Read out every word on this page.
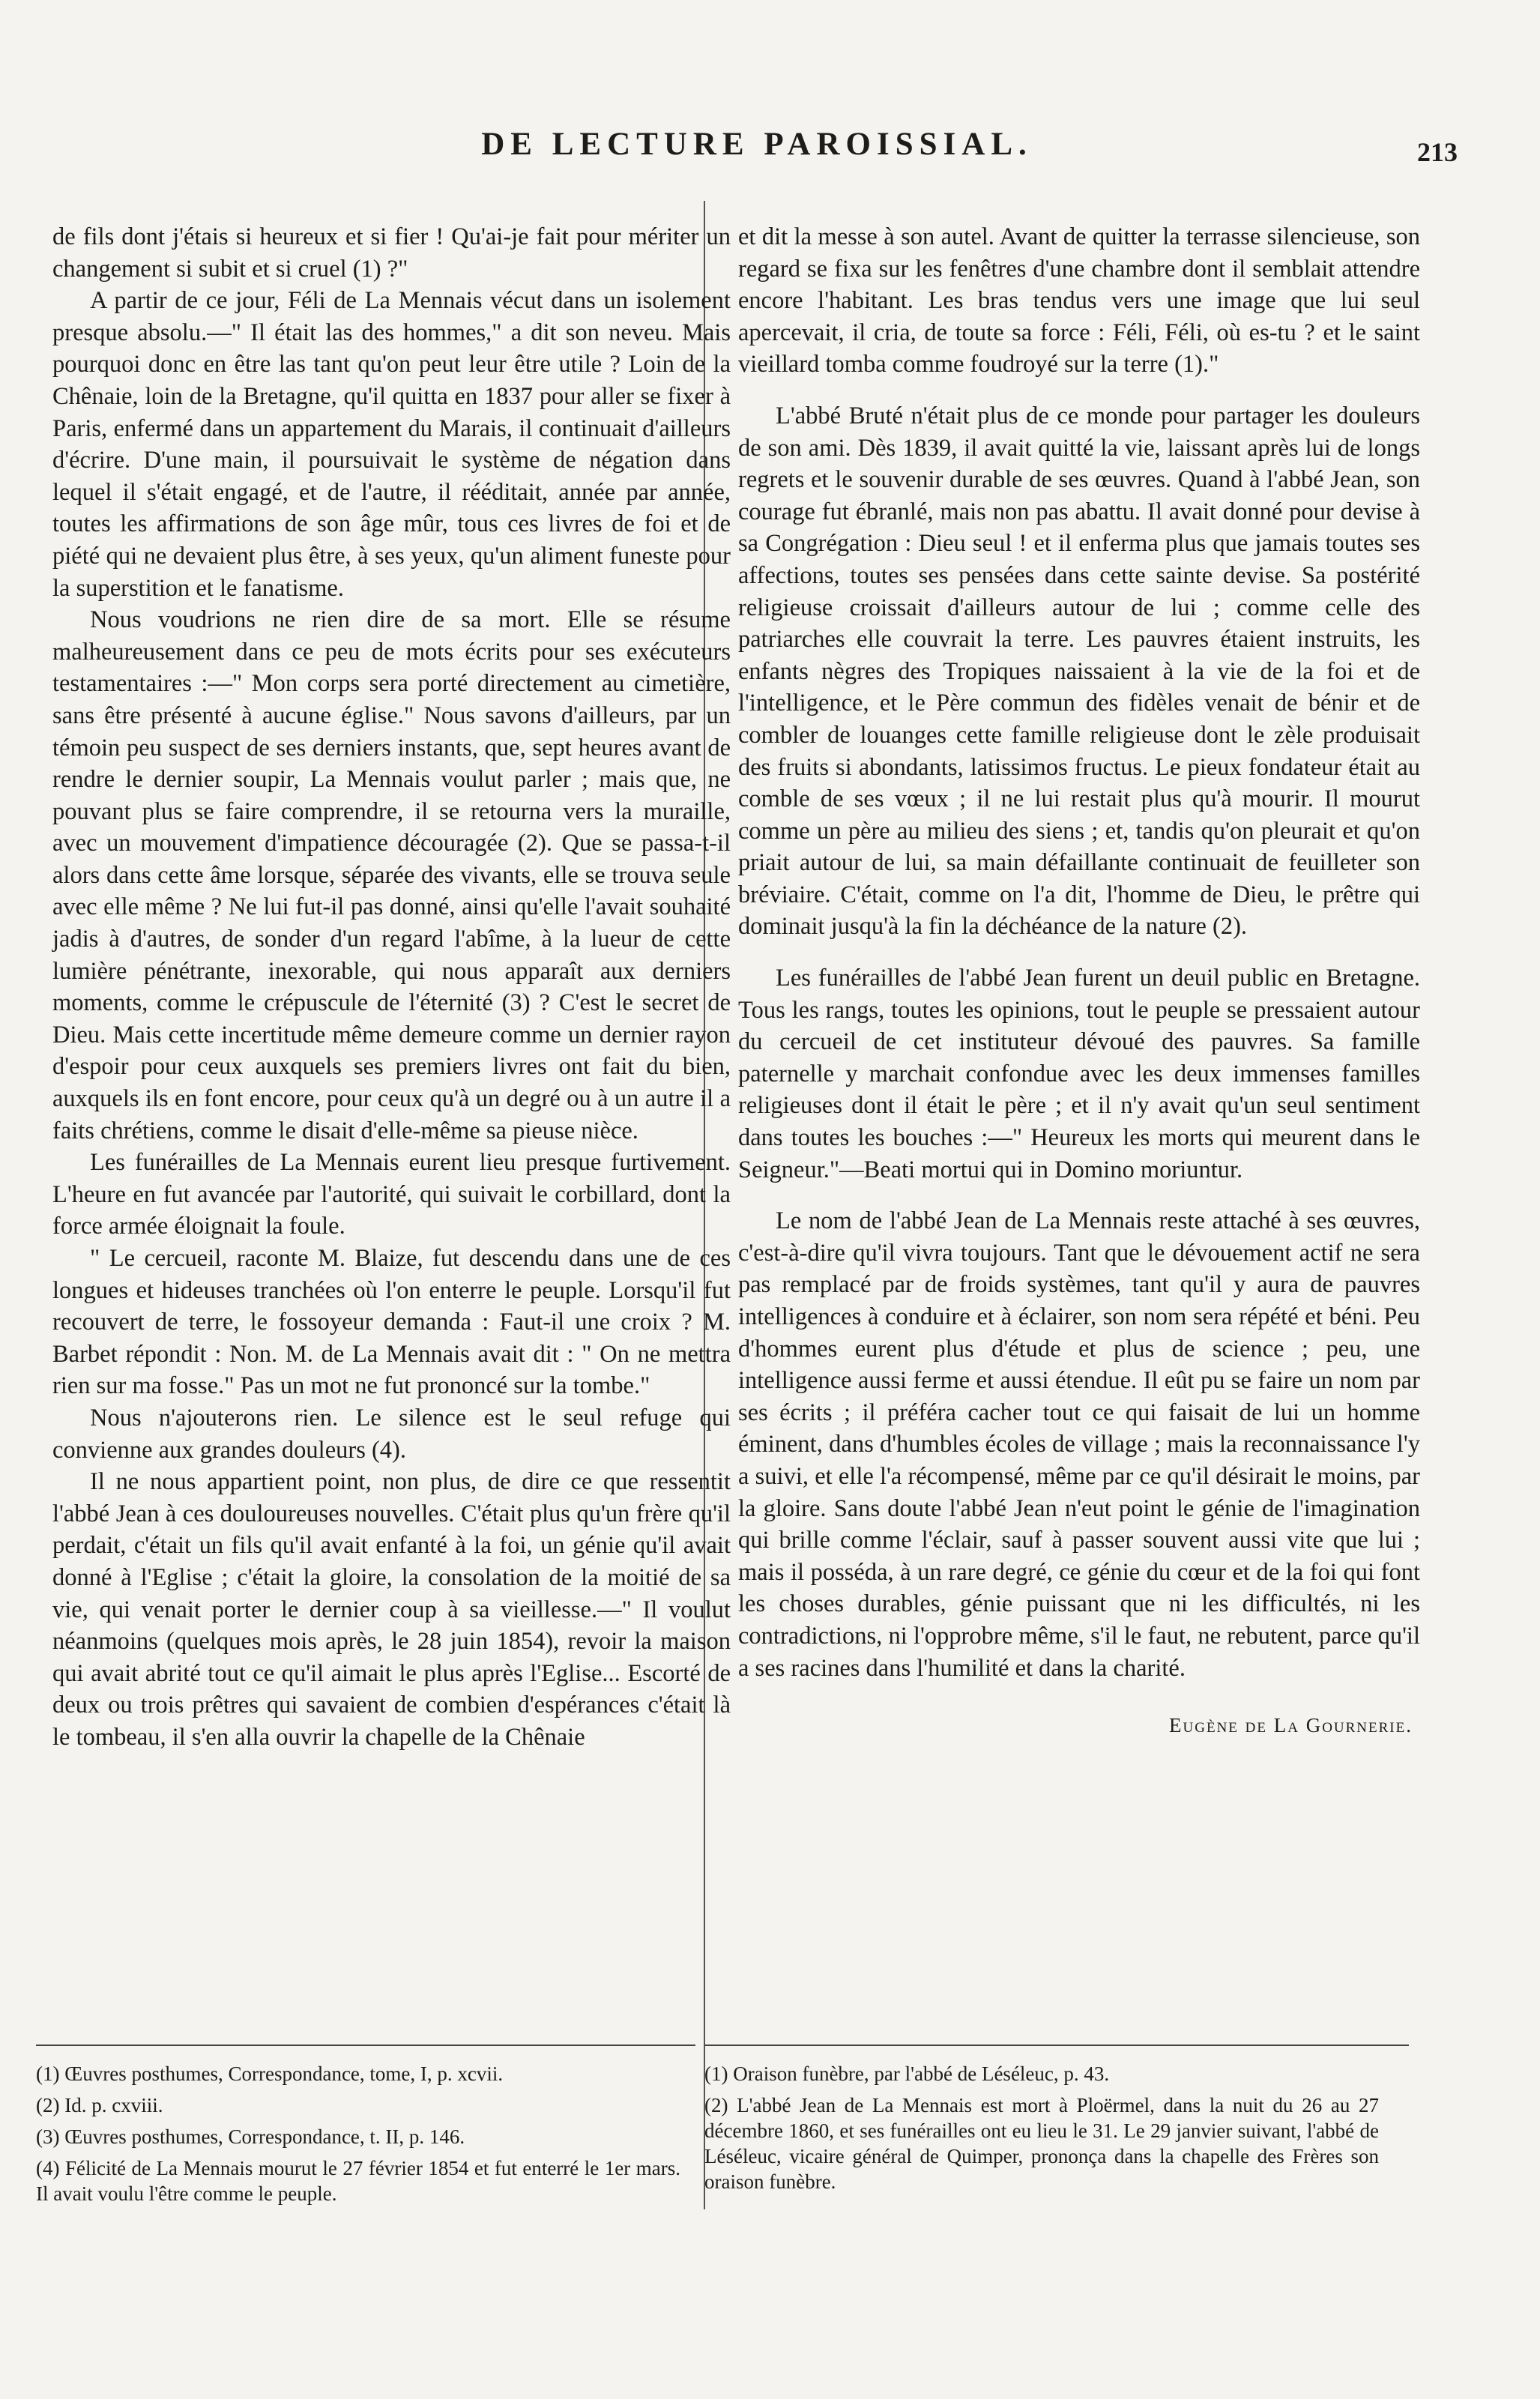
DE LECTURE PAROISSIAL.	213

de fils dont j'étais si heureux et si fier ! Qu'ai-je fait pour mériter un changement si subit et si cruel (1) ?"

A partir de ce jour, Féli de La Mennais vécut dans un isolement presque absolu.—" Il était las des hommes," a dit son neveu. Mais pourquoi donc en être las tant qu'on peut leur être utile ? Loin de la Chênaie, loin de la Bretagne, qu'il quitta en 1837 pour aller se fixer à Paris, enfermé dans un appartement du Marais, il continuait d'ailleurs d'écrire. D'une main, il poursuivait le système de négation dans lequel il s'était engagé, et de l'autre, il rééditait, année par année, toutes les affirmations de son âge mûr, tous ces livres de foi et de piété qui ne devaient plus être, à ses yeux, qu'un aliment funeste pour la superstition et le fanatisme.

Nous voudrions ne rien dire de sa mort. Elle se résume malheureusement dans ce peu de mots écrits pour ses exécuteurs testamentaires :—" Mon corps sera porté directement au cimetière, sans être présenté à aucune église." Nous savons d'ailleurs, par un témoin peu suspect de ses derniers instants, que, sept heures avant de rendre le dernier soupir, La Mennais voulut parler ; mais que, ne pouvant plus se faire comprendre, il se retourna vers la muraille, avec un mouvement d'impatience découragée (2). Que se passa-t-il alors dans cette âme lorsque, séparée des vivants, elle se trouva seule avec elle même ? Ne lui fut-il pas donné, ainsi qu'elle l'avait souhaité jadis à d'autres, de sonder d'un regard l'abîme, à la lueur de cette lumière pénétrante, inexorable, qui nous apparaît aux derniers moments, comme le crépuscule de l'éternité (3) ? C'est le secret de Dieu. Mais cette incertitude même demeure comme un dernier rayon d'espoir pour ceux auxquels ses premiers livres ont fait du bien, auxquels ils en font encore, pour ceux qu'à un degré ou à un autre il a faits chrétiens, comme le disait d'elle-même sa pieuse nièce.

Les funérailles de La Mennais eurent lieu presque furtivement. L'heure en fut avancée par l'autorité, qui suivait le corbillard, dont la force armée éloignait la foule.

" Le cercueil, raconte M. Blaize, fut descendu dans une de ces longues et hideuses tranchées où l'on enterre le peuple. Lorsqu'il fut recouvert de terre, le fossoyeur demanda : Faut-il une croix ? M. Barbet répondit : Non. M. de La Mennais avait dit : " On ne mettra rien sur ma fosse." Pas un mot ne fut prononcé sur la tombe."

Nous n'ajouterons rien. Le silence est le seul refuge qui convienne aux grandes douleurs (4).

Il ne nous appartient point, non plus, de dire ce que ressentit l'abbé Jean à ces douloureuses nouvelles. C'était plus qu'un frère qu'il perdait, c'était un fils qu'il avait enfanté à la foi, un génie qu'il avait donné à l'Eglise ; c'était la gloire, la consolation de la moitié de sa vie, qui venait porter le dernier coup à sa vieillesse.—" Il voulut néanmoins (quelques mois après, le 28 juin 1854), revoir la maison qui avait abrité tout ce qu'il aimait le plus après l'Eglise... Escorté de deux ou trois prêtres qui savaient de combien d'espérances c'était là le tombeau, il s'en alla ouvrir la chapelle de la Chênaie

et dit la messe à son autel. Avant de quitter la terrasse silencieuse, son regard se fixa sur les fenêtres d'une chambre dont il semblait attendre encore l'habitant. Les bras tendus vers une image que lui seul apercevait, il cria, de toute sa force : Féli, Féli, où es-tu ? et le saint vieillard tomba comme foudroyé sur la terre (1)."

L'abbé Bruté n'était plus de ce monde pour partager les douleurs de son ami. Dès 1839, il avait quitté la vie, laissant après lui de longs regrets et le souvenir durable de ses œuvres. Quand à l'abbé Jean, son courage fut ébranlé, mais non pas abattu. Il avait donné pour devise à sa Congrégation : Dieu seul ! et il enferma plus que jamais toutes ses affections, toutes ses pensées dans cette sainte devise. Sa postérité religieuse croissait d'ailleurs autour de lui ; comme celle des patriarches elle couvrait la terre. Les pauvres étaient instruits, les enfants nègres des Tropiques naissaient à la vie de la foi et de l'intelligence, et le Père commun des fidèles venait de bénir et de combler de louanges cette famille religieuse dont le zèle produisait des fruits si abondants, latissimos fructus. Le pieux fondateur était au comble de ses vœux ; il ne lui restait plus qu'à mourir. Il mourut comme un père au milieu des siens ; et, tandis qu'on pleurait et qu'on priait autour de lui, sa main défaillante continuait de feuilleter son bréviaire. C'était, comme on l'a dit, l'homme de Dieu, le prêtre qui dominait jusqu'à la fin la déchéance de la nature (2).

Les funérailles de l'abbé Jean furent un deuil public en Bretagne. Tous les rangs, toutes les opinions, tout le peuple se pressaient autour du cercueil de cet instituteur dévoué des pauvres. Sa famille paternelle y marchait confondue avec les deux immenses familles religieuses dont il était le père ; et il n'y avait qu'un seul sentiment dans toutes les bouches :—" Heureux les morts qui meurent dans le Seigneur."—Beati mortui qui in Domino moriuntur.

Le nom de l'abbé Jean de La Mennais reste attaché à ses œuvres, c'est-à-dire qu'il vivra toujours. Tant que le dévouement actif ne sera pas remplacé par de froids systèmes, tant qu'il y aura de pauvres intelligences à conduire et à éclairer, son nom sera répété et béni. Peu d'hommes eurent plus d'étude et plus de science ; peu, une intelligence aussi ferme et aussi étendue. Il eût pu se faire un nom par ses écrits ; il préféra cacher tout ce qui faisait de lui un homme éminent, dans d'humbles écoles de village ; mais la reconnaissance l'y a suivi, et elle l'a récompensé, même par ce qu'il désirait le moins, par la gloire. Sans doute l'abbé Jean n'eut point le génie de l'imagination qui brille comme l'éclair, sauf à passer souvent aussi vite que lui ; mais il posséda, à un rare degré, ce génie du cœur et de la foi qui font les choses durables, génie puissant que ni les difficultés, ni les contradictions, ni l'opprobre même, s'il le faut, ne rebutent, parce qu'il a ses racines dans l'humilité et dans la charité.

Eugène de La Gournerie.

(1) Œuvres posthumes, Correspondance, tome, I, p. xcvii.

(2) Id. p. cxviii.

(3) Œuvres posthumes, Correspondance, t. II, p. 146.

(4) Félicité de La Mennais mourut le 27 février 1854 et fut enterré le 1er mars. Il avait voulu l'être comme le peuple.

(1) Oraison funèbre, par l'abbé de Léséleuc, p. 43.

(2) L'abbé Jean de La Mennais est mort à Ploërmel, dans la nuit du 26 au 27 décembre 1860, et ses funérailles ont eu lieu le 31. Le 29 janvier suivant, l'abbé de Léséleuc, vicaire général de Quimper, prononça dans la chapelle des Frères son oraison funèbre.
